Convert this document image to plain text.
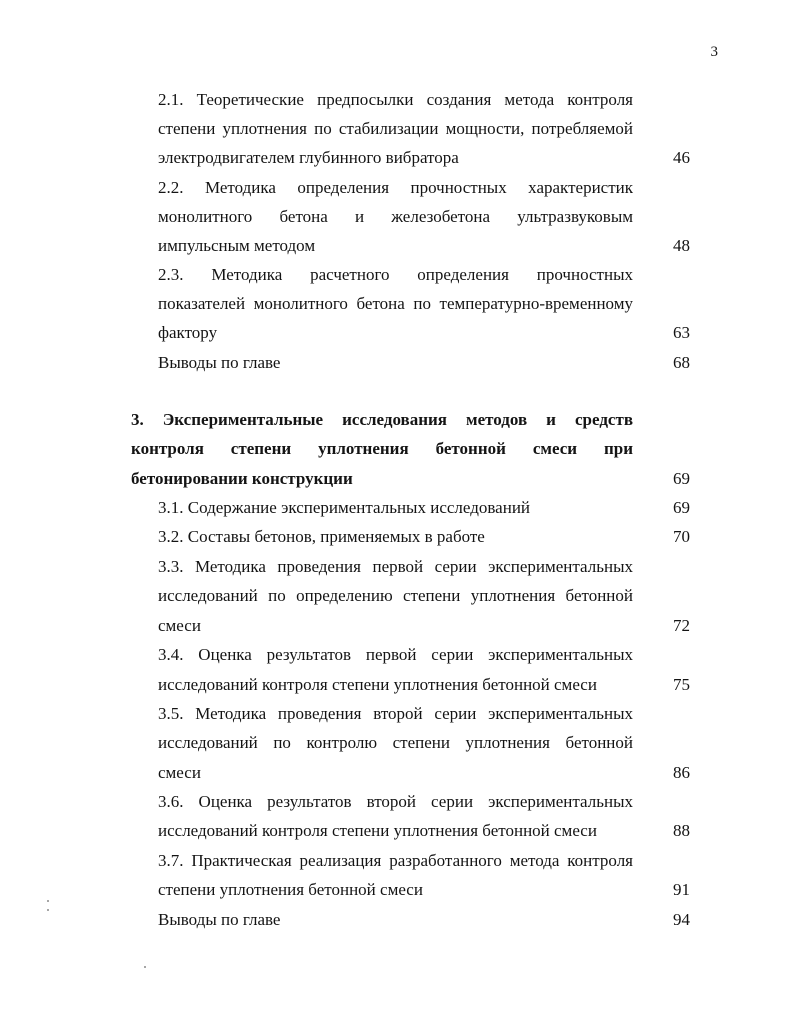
3
2.1. Теоретические предпосылки создания метода контроля
степени уплотнения по стабилизации мощности, потребляемой
электродвигателем глубинного вибратора	46
2.2. Методика определения прочностных характеристик
монолитного бетона и железобетона ультразвуковым
импульсным методом	48
2.3. Методика расчетного определения прочностных
показателей монолитного бетона по температурно-временному
фактору	63
Выводы по главе	68
3. Экспериментальные исследования методов и средств
контроля степени уплотнения бетонной смеси при
бетонировании конструкции	69
3.1. Содержание экспериментальных исследований	69
3.2. Составы бетонов, применяемых в работе	70
3.3. Методика проведения первой серии экспериментальных
исследований по определению степени уплотнения бетонной
смеси	72
3.4. Оценка результатов первой серии экспериментальных
исследований контроля степени уплотнения бетонной смеси	75
3.5. Методика проведения второй серии экспериментальных
исследований по контролю степени уплотнения бетонной
смеси	86
3.6. Оценка результатов второй серии экспериментальных
исследований контроля степени уплотнения бетонной смеси	88
3.7. Практическая реализация разработанного метода контроля
степени уплотнения бетонной смеси	91
Выводы по главе	94
